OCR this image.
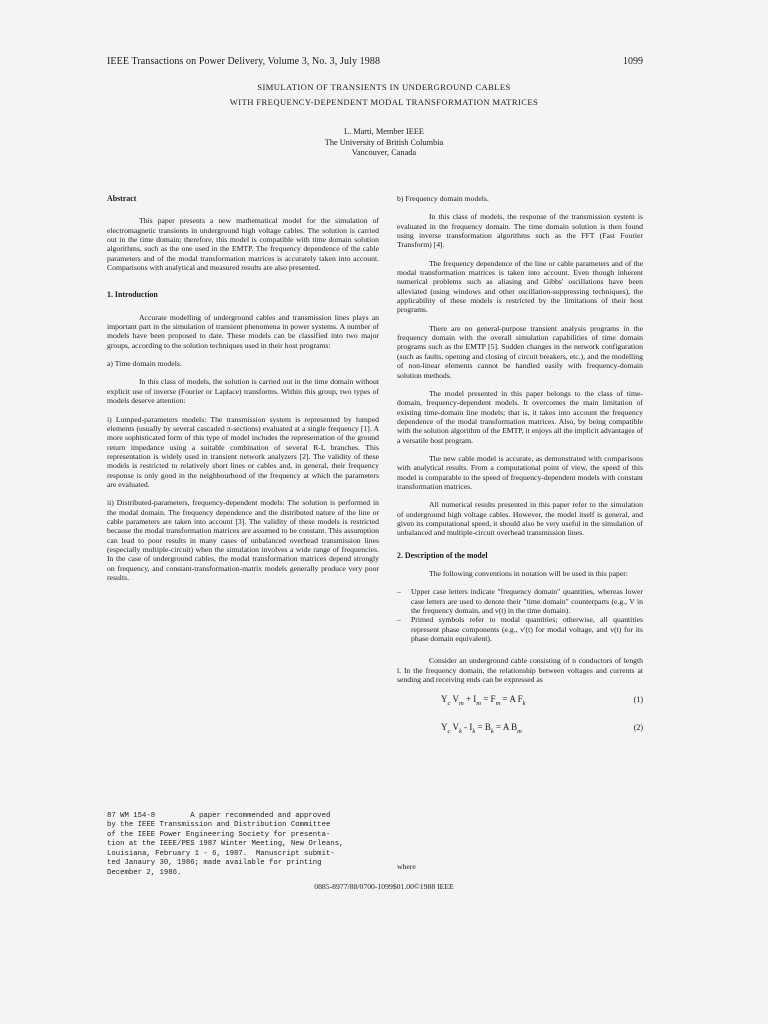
IEEE Transactions on Power Delivery, Volume 3, No. 3, July 1988	1099
SIMULATION OF TRANSIENTS IN UNDERGROUND CABLES
WITH FREQUENCY-DEPENDENT MODAL TRANSFORMATION MATRICES
L. Marti, Member IEEE
The University of British Columbia
Vancouver, Canada

Abstract

This paper presents a new mathematical model for the simulation of electromagnetic transients in underground high voltage cables. The solution is carried out in the time domain; therefore, this model is compatible with time domain solution algorithms, such as the one used in the EMTP. The frequency dependence of the cable parameters and of the modal transformation matrices is accurately taken into account. Comparisons with analytical and measured results are also presented.

1. Introduction

Accurate modelling of underground cables and transmission lines plays an important part in the simulation of transient phenomena in power systems. A number of models have been proposed to date. These models can be classified into two major groups, according to the solution techniques used in their host programs:

a) Time domain models.

In this class of models, the solution is carried out in the time domain without explicit use of inverse (Fourier or Laplace) transforms. Within this group, two types of models deserve attention:

i) Lumped-parameters models: The transmission system is represented by lumped elements (usually by several cascaded π-sections) evaluated at a single frequency [1]. A more sophisticated form of this type of model includes the representation of the ground return impedance using a suitable combination of several R-L branches. This representation is widely used in transient network analyzers [2]. The validity of these models is restricted to relatively short lines or cables and, in general, their frequency response is only good in the neighbourhood of the frequency at which the parameters are evaluated.

ii) Distributed-parameters, frequency-dependent models: The solution is performed in the modal domain. The frequency dependence and the distributed nature of the line or cable parameters are taken into account [3]. The validity of these models is restricted because the modal transformation matrices are assumed to be constant. This assumption can lead to poor results in many cases of unbalanced overhead transmission lines (especially multiple-circuit) when the simulation involves a wide range of frequencies. In the case of underground cables, the modal transformation matrices depend strongly on frequency, and constant-transformation-matrix models generally produce very poor results.

87 WM 154-8        A paper recommended and approved
by the IEEE Transmission and Distribution Committee
of the IEEE Power Engineering Society for presenta-
tion at the IEEE/PES 1987 Winter Meeting, New Orleans,
Louisiana, February 1 - 6, 1987.  Manuscript submit-
ted Janaury 30, 1986; made available for printing
December 2, 1986.

b) Frequency domain models.

In this class of models, the response of the transmission system is evaluated in the frequency domain. The time domain solution is then found using inverse transformation algorithms such as the FFT (Fast Fourier Transform) [4].

The frequency dependence of the line or cable parameters and of the modal transformation matrices is taken into account. Even though inherent numerical problems such as aliasing and Gibbs' oscillations have been alleviated (using windows and other oscillation-suppressing techniques), the applicability of these models is restricted by the limitations of their host programs.

There are no general-purpose transient analysis programs in the frequency domain with the overall simulation capabilities of time domain programs such as the EMTP [5]. Sudden changes in the network configuration (such as faults, opening and closing of circuit breakers, etc.), and the modelling of non-linear elements cannot be handled easily with frequency-domain solution methods.

The model presented in this paper belongs to the class of time-domain, frequency-dependent models. It overcomes the main limitation of existing time-domain line models; that is, it takes into account the frequency dependence of the modal transformation matrices. Also, by being compatible with the solution algorithm of the EMTP, it enjoys all the implicit advantages of a versatile host program.

The new cable model is accurate, as demonstrated with comparisons with analytical results. From a computational point of view, the speed of this model is comparable to the speed of frequency-dependent models with constant transformation matrices.

All numerical results presented in this paper refer to the simulation of underground high voltage cables. However, the model itself is general, and given its computational speed, it should also be very useful in the simulation of unbalanced and multiple-circuit overhead transmission lines.

2. Description of the model

The following conventions in notation will be used in this paper:

–	Upper case letters indicate "frequency domain" quantities, whereas lower case letters are used to denote their "time domain" counterparts (e.g., V in the frequency domain, and v(t) in the time domain).
–	Primed symbols refer to modal quantities; otherwise, all quantities represent phase components (e.g., v'(t) for modal voltage, and v(t) for its phase domain equivalent).

Consider an underground cable consisting of n conductors of length l. In the frequency domain, the relationship between voltages and currents at sending and receiving ends can be expressed as

$Y_c$ $V_m + I_m = F_m = A$ $F_k$	(1)
$Y_c$ $V_k - I_k = B_k = A$ $B_m$	(2)
where
0885-8977/88/0700-1099$01.00©1988 IEEE
